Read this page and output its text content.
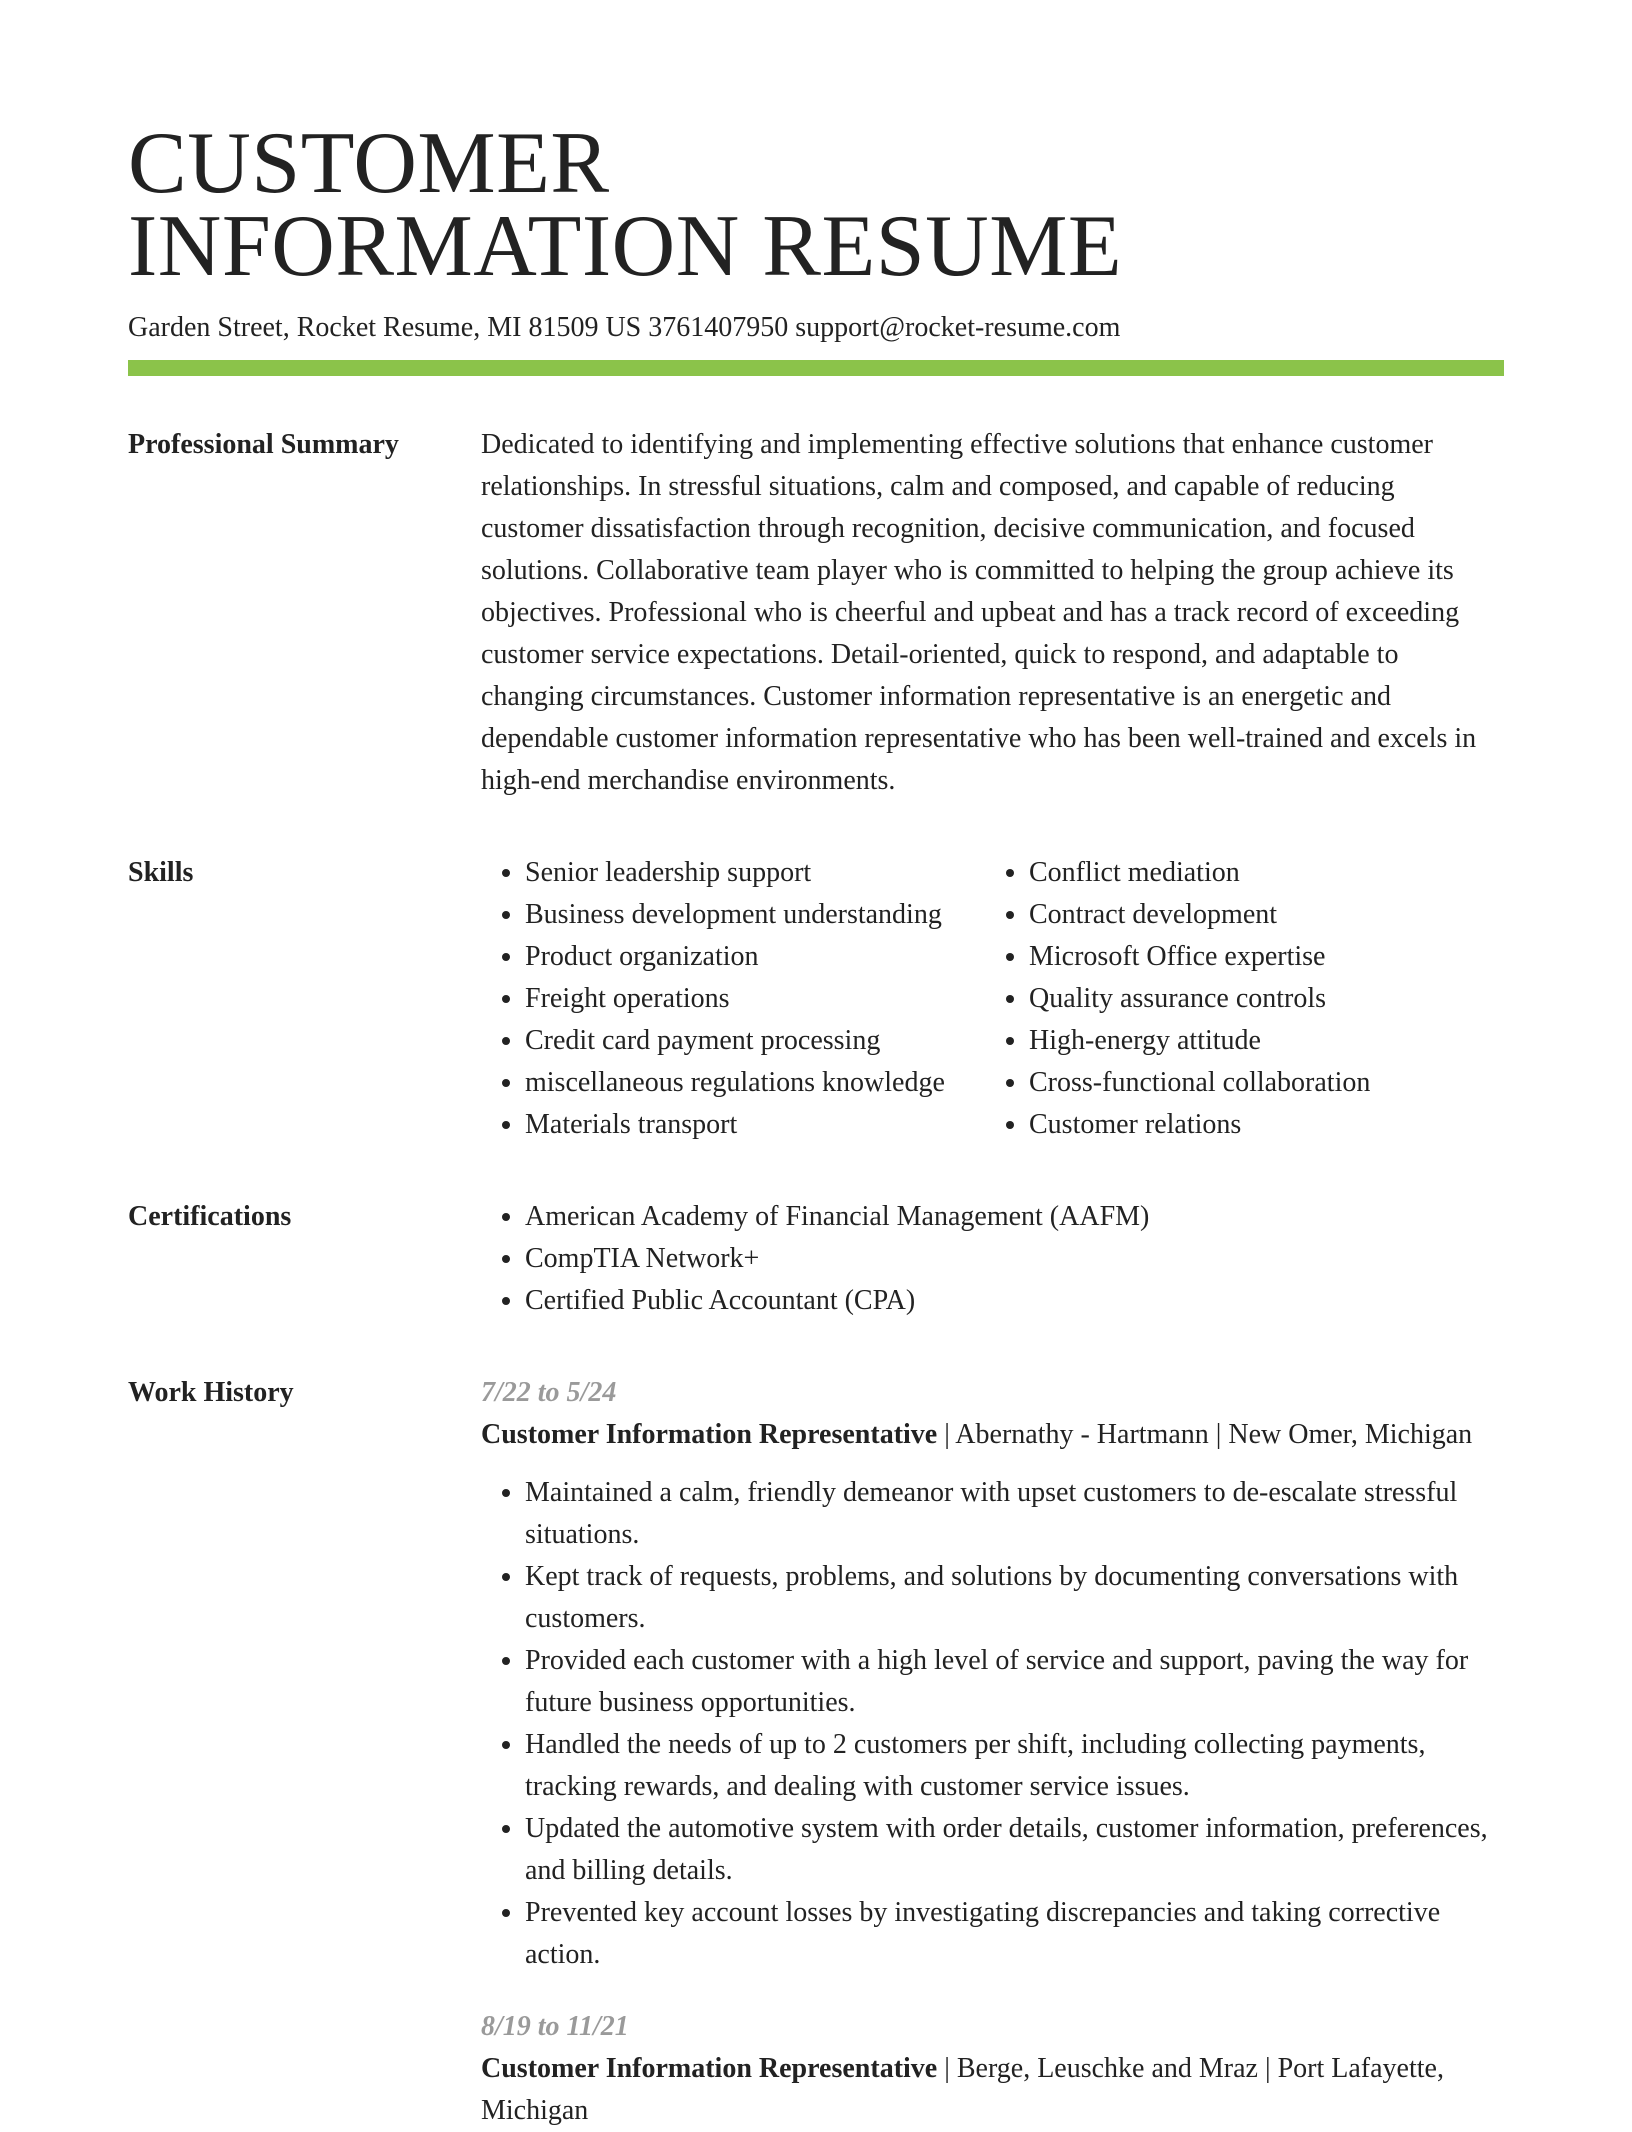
CUSTOMER
INFORMATION RESUME
Garden Street, Rocket Resume, MI 81509 US 3761407950 support@rocket-resume.com
Professional Summary	Dedicated to identifying and implementing effective solutions that enhance customer relationships. In stressful situations, calm and composed, and capable of reducing customer dissatisfaction through recognition, decisive communication, and focused solutions. Collaborative team player who is committed to helping the group achieve its objectives. Professional who is cheerful and upbeat and has a track record of exceeding customer service expectations. Detail-oriented, quick to respond, and adaptable to changing circumstances. Customer information representative is an energetic and dependable customer information representative who has been well-trained and excels in high-end merchandise environments.

Skills	• Senior leadership support
• Business development understanding
• Product organization
• Freight operations
• Credit card payment processing
• miscellaneous regulations knowledge
• Materials transport
• Conflict mediation
• Contract development
• Microsoft Office expertise
• Quality assurance controls
• High-energy attitude
• Cross-functional collaboration
• Customer relations
Certifications	• American Academy of Financial Management (AAFM)
• CompTIA Network+
• Certified Public Accountant (CPA)
Work History	7/22 to 5/24
Customer Information Representative | Abernathy - Hartmann | New Omer, Michigan
• Maintained a calm, friendly demeanor with upset customers to de-escalate stressful situations.
• Kept track of requests, problems, and solutions by documenting conversations with customers.
• Provided each customer with a high level of service and support, paving the way for future business opportunities.
• Handled the needs of up to 2 customers per shift, including collecting payments, tracking rewards, and dealing with customer service issues.
• Updated the automotive system with order details, customer information, preferences, and billing details.
• Prevented key account losses by investigating discrepancies and taking corrective action.
8/19 to 11/21
Customer Information Representative | Berge, Leuschke and Mraz | Port Lafayette, Michigan
